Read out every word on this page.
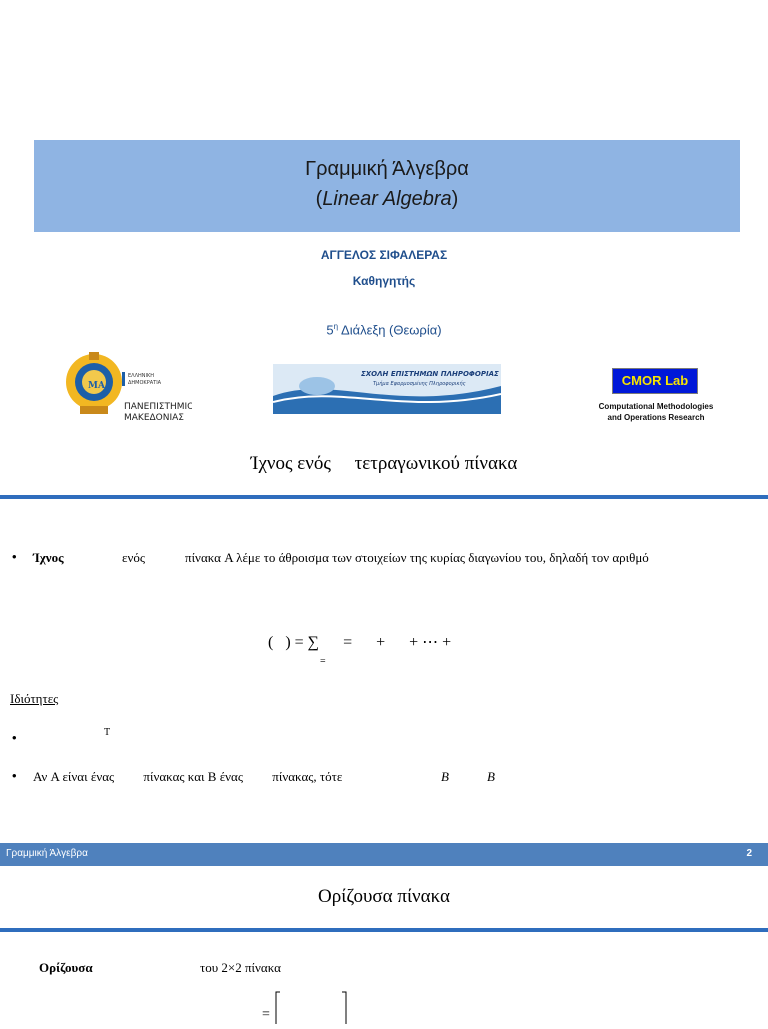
Γραμμική Άλγεβρα
(Linear Algebra)
ΑΓΓΕΛΟΣ ΣΙΦΑΛΕΡΑΣ
Καθηγητής
$5^\eta$ Διάλεξη (Θεωρία)
ΜΑ
ΕΛΛΗΝΙΚΗ
ΔΗΜΟΚΡΑΤΙΑ
ΠΑΝΕΠΙΣΤΗΜΙΟ
ΜΑΚΕΔΟΝΙΑΣ
ΣΧΟΛΗ ΕΠΙΣΤΗΜΩΝ ΠΛΗΡΟΦΟΡΙΑΣ
Τμήμα Εφαρμοσμένης Πληροφορικής	CMOR Lab
Computational Methodologies
and Operations Research
Ίχνος ενός     τετραγωνικού πίνακα
• Ίχνος	ενός	πίνακα A λέμε το άθροισμα των στοιχείων της κυρίας διαγωνίου του, δηλαδή τον αριθμό
(   ) = ∑      =      +      + ⋯ +
=
Ιδιότητες
•	T
• Αν A είναι ένας         πίνακας και B ένας         πίνακας, τότε	B	B
Γραμμική Άλγεβρα	2
Ορίζουσα πίνακα
Ορίζουσα	του 2×2 πίνακα
=
